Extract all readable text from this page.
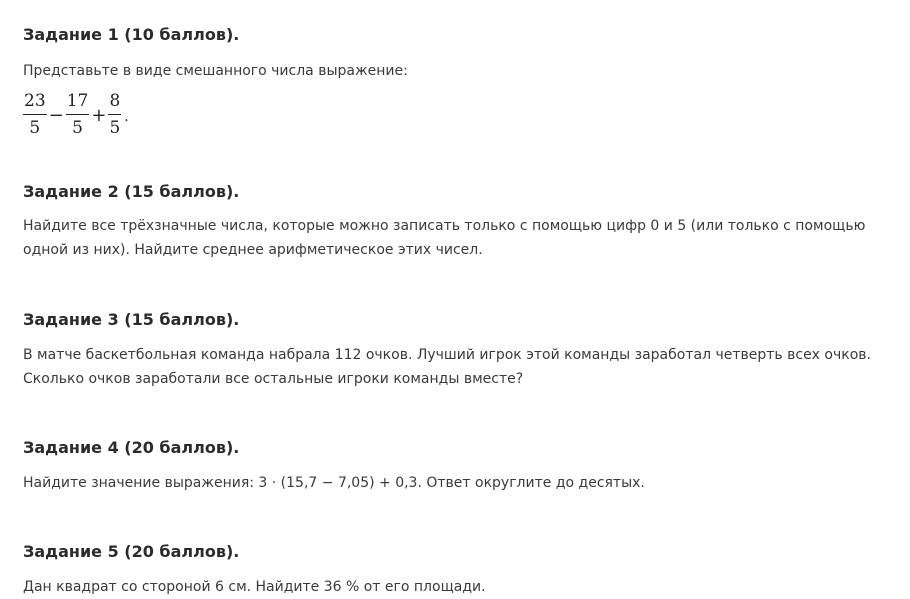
Задание 1 (10 баллов).

Представьте в виде смешанного числа выражение:

$\frac{23}{5} - \frac{17}{5} + \frac{8}{5}$ .
Задание 2 (15 баллов).

Найдите все трёхзначные числа, которые можно записать только с помощью цифр 0 и 5 (или только с помощью одной из них). Найдите среднее арифметическое этих чисел.

Задание 3 (15 баллов).

В матче баскетбольная команда набрала 112 очков. Лучший игрок этой команды заработал четверть всех очков. Сколько очков заработали все остальные игроки команды вместе?

Задание 4 (20 баллов).

Найдите значение выражения: 3 · (15,7 − 7,05) + 0,3. Ответ округлите до десятых.

Задание 5 (20 баллов).

Дан квадрат со стороной 6 см. Найдите 36 % от его площади.
